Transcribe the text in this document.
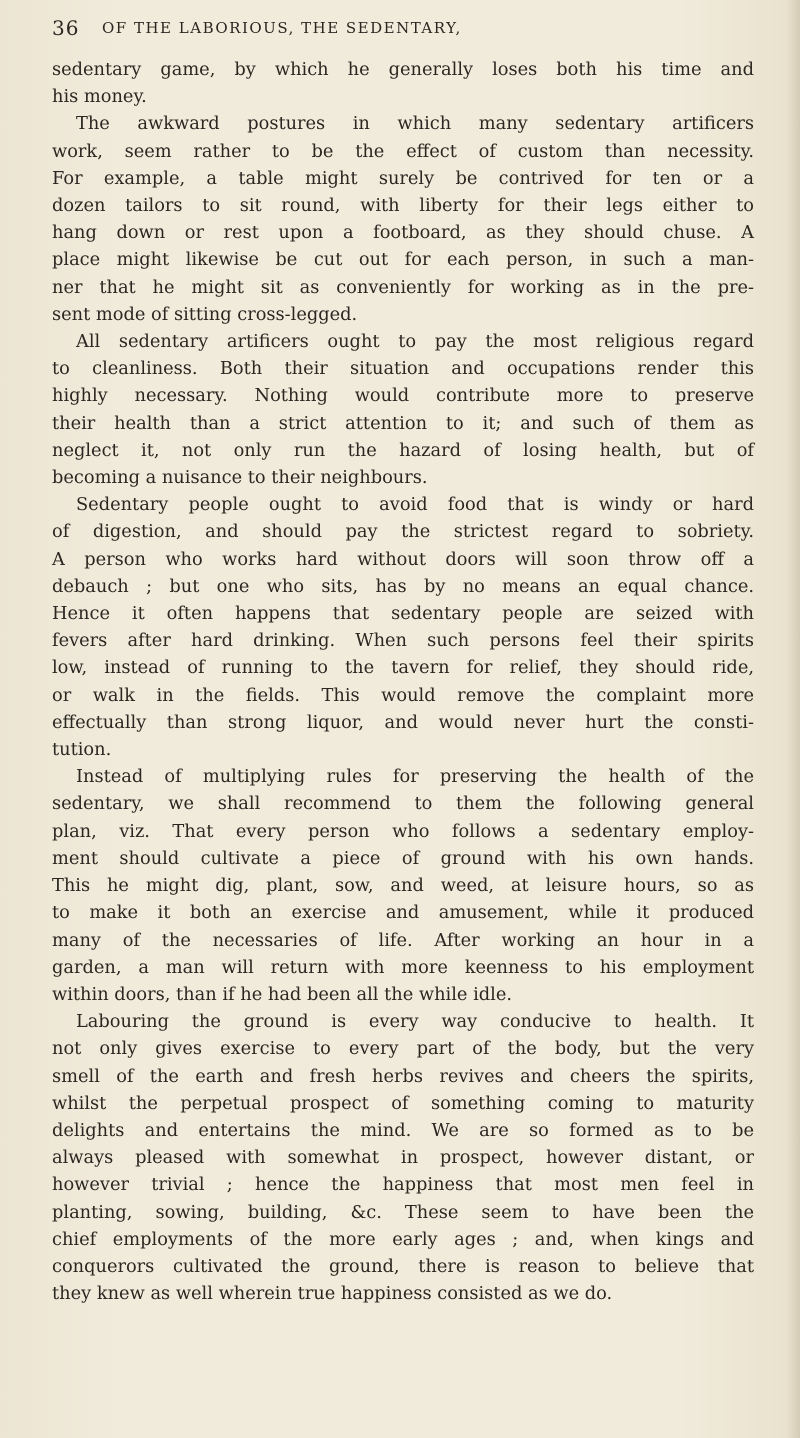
36 OF THE LABORIOUS, THE SEDENTARY,
sedentary game, by which he generally loses both his time and
his money.
The awkward postures in which many sedentary artificers
work, seem rather to be the effect of custom than necessity.
For example, a table might surely be contrived for ten or a
dozen tailors to sit round, with liberty for their legs either to
hang down or rest upon a footboard, as they should chuse. A
place might likewise be cut out for each person, in such a man-
ner that he might sit as conveniently for working as in the pre-
sent mode of sitting cross-legged.
All sedentary artificers ought to pay the most religious regard
to cleanliness. Both their situation and occupations render this
highly necessary. Nothing would contribute more to preserve
their health than a strict attention to it; and such of them as
neglect it, not only run the hazard of losing health, but of
becoming a nuisance to their neighbours.
Sedentary people ought to avoid food that is windy or hard
of digestion, and should pay the strictest regard to sobriety.
A person who works hard without doors will soon throw off a
debauch ; but one who sits, has by no means an equal chance.
Hence it often happens that sedentary people are seized with
fevers after hard drinking. When such persons feel their spirits
low, instead of running to the tavern for relief, they should ride,
or walk in the fields. This would remove the complaint more
effectually than strong liquor, and would never hurt the consti-
tution.
Instead of multiplying rules for preserving the health of the
sedentary, we shall recommend to them the following general
plan, viz. That every person who follows a sedentary employ-
ment should cultivate a piece of ground with his own hands.
This he might dig, plant, sow, and weed, at leisure hours, so as
to make it both an exercise and amusement, while it produced
many of the necessaries of life. After working an hour in a
garden, a man will return with more keenness to his employment
within doors, than if he had been all the while idle.
Labouring the ground is every way conducive to health. It
not only gives exercise to every part of the body, but the very
smell of the earth and fresh herbs revives and cheers the spirits,
whilst the perpetual prospect of something coming to maturity
delights and entertains the mind. We are so formed as to be
always pleased with somewhat in prospect, however distant, or
however trivial ; hence the happiness that most men feel in
planting, sowing, building, &c. These seem to have been the
chief employments of the more early ages ; and, when kings and
conquerors cultivated the ground, there is reason to believe that
they knew as well wherein true happiness consisted as we do.
